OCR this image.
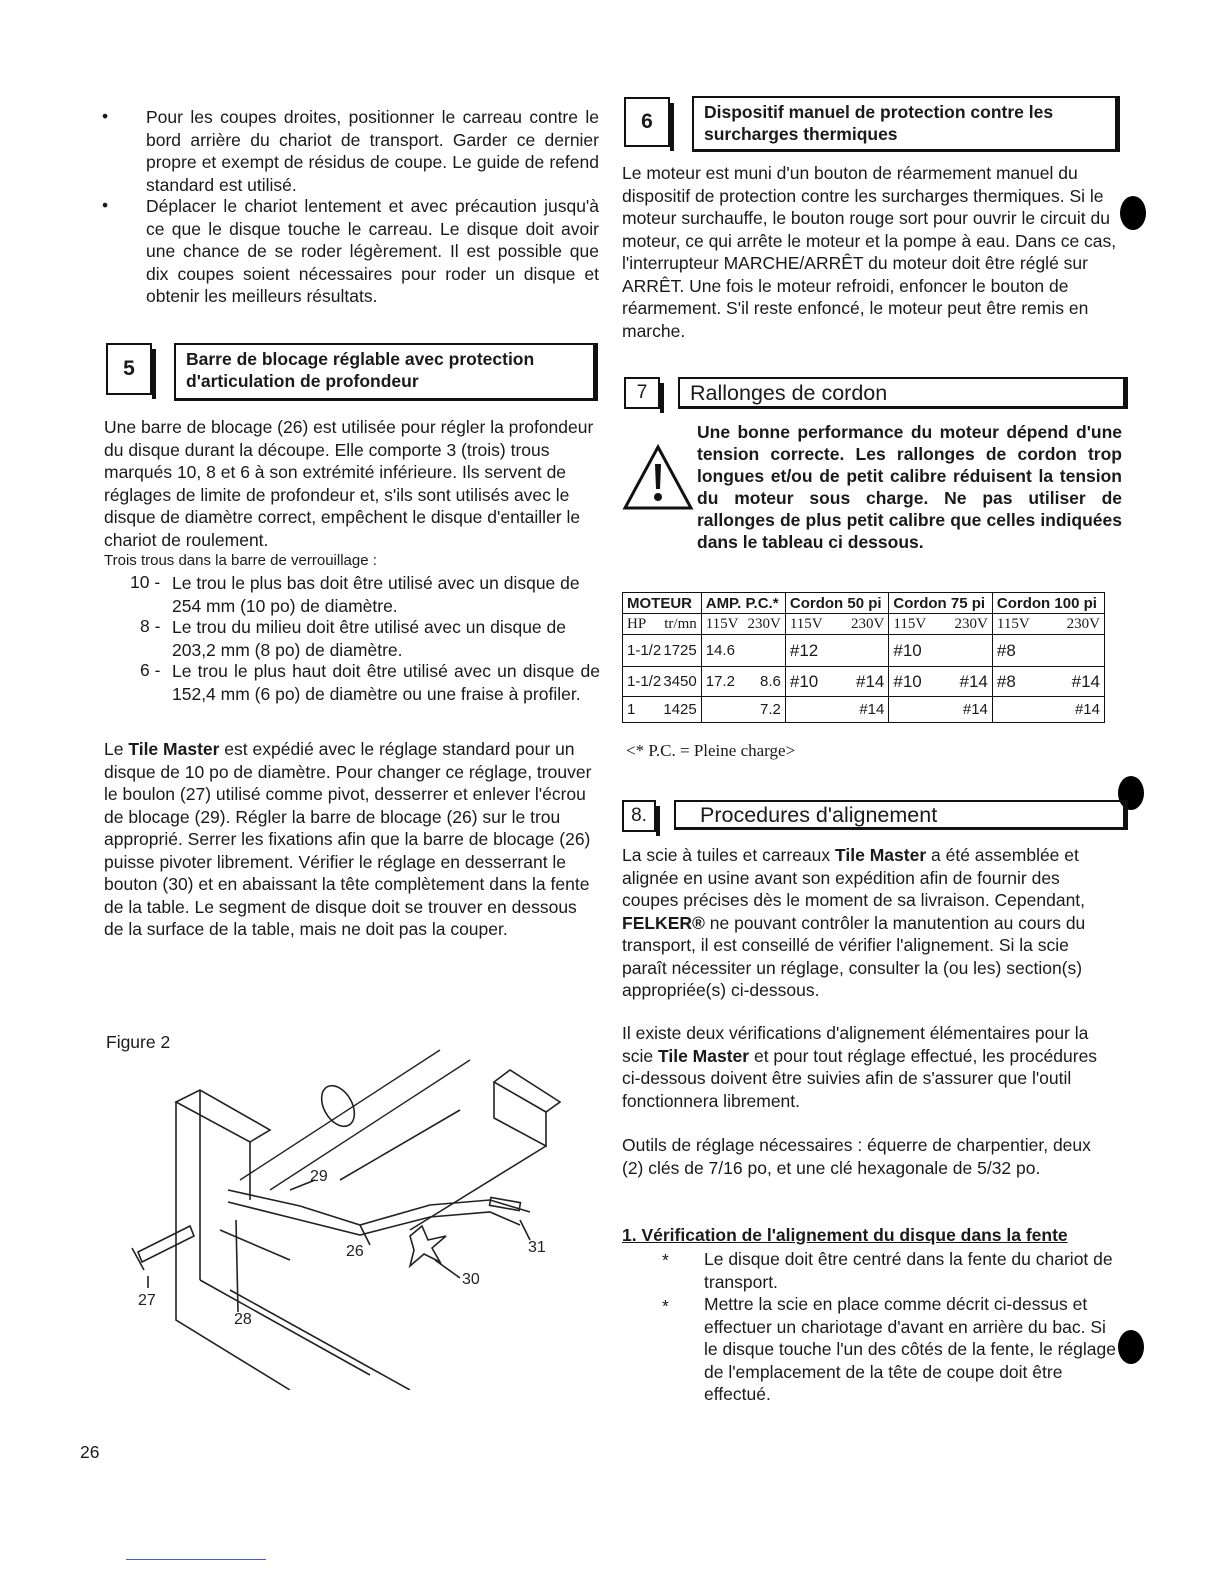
• Pour les coupes droites, positionner le carreau contre le bord arrière du chariot de transport. Garder ce dernier propre et exempt de résidus de coupe. Le guide de refend standard est utilisé.

• Déplacer le chariot lentement et avec précaution jusqu'à ce que le disque touche le carreau. Le disque doit avoir une chance de se roder légèrement. Il est possible que dix coupes soient nécessaires pour roder un disque et obtenir les meilleurs résultats.

5	Barre de blocage réglable avec protection
d'articulation de profondeur

Une barre de blocage (26) est utilisée pour régler la profondeur du disque durant la découpe. Elle comporte 3 (trois) trous marqués 10, 8 et 6 à son extrémité inférieure. Ils servent de réglages de limite de profondeur et, s'ils sont utilisés avec le disque de diamètre correct, empêchent le disque d'entailler le chariot de roulement.

Trois trous dans la barre de verrouillage :

10 - Le trou le plus bas doit être utilisé avec un disque de 254 mm (10 po) de diamètre.

8 - Le trou du milieu doit être utilisé avec un disque de 203,2 mm (8 po) de diamètre.

6 - Le trou le plus haut doit être utilisé avec un disque de 152,4 mm (6 po) de diamètre ou une fraise à profiler.

Le Tile Master est expédié avec le réglage standard pour un disque de 10 po de diamètre. Pour changer ce réglage, trouver le boulon (27) utilisé comme pivot, desserrer et enlever l'écrou de blocage (29). Régler la barre de blocage (26) sur le trou approprié. Serrer les fixations afin que la barre de blocage (26) puisse pivoter librement. Vérifier le réglage en desserrant le bouton (30) et en abaissant la tête complètement dans la fente de la table. Le segment de disque doit se trouver en dessous de la surface de la table, mais ne doit pas la couper.

Figure 2
29
26	31
30
27
28
26
6	Dispositif manuel de protection contre les
surcharges thermiques

Le moteur est muni d'un bouton de réarmement manuel du dispositif de protection contre les surcharges thermiques. Si le moteur surchauffe, le bouton rouge sort pour ouvrir le circuit du moteur, ce qui arrête le moteur et la pompe à eau. Dans ce cas, l'interrupteur MARCHE/ARRÊT du moteur doit être réglé sur ARRÊT. Une fois le moteur refroidi, enfoncer le bouton de réarmement. S'il reste enfoncé, le moteur peut être remis en marche.

7	Rallonges de cordon

Une bonne performance du moteur dépend d'une tension correcte. Les rallonges de cordon trop longues et/ou de petit calibre réduisent la tension du moteur sous charge. Ne pas utiliser de rallonges de plus petit calibre que celles indiquées dans le tableau ci dessous.

MOTEUR	AMP. P.C.*	Cordon 50 pi	Cordon 75 pi	Cordon 100 pi

HP tr/mn	115V 230V	115V 230V	115V 230V	115V 230V

1-1/2 1725	14.6	#12	#10	#8

1-1/2 3450	17.2 8.6	#10 #14	#10 #14	#8 #14

1 1425	7.2	#14	#14	#14
<* P.C. = Pleine charge>
8.	Procedures d'alignement

La scie à tuiles et carreaux Tile Master a été assemblée et alignée en usine avant son expédition afin de fournir des coupes précises dès le moment de sa livraison. Cependant, FELKER® ne pouvant contrôler la manutention au cours du transport, il est conseillé de vérifier l'alignement. Si la scie paraît nécessiter un réglage, consulter la (ou les) section(s) appropriée(s) ci-dessous.

Il existe deux vérifications d'alignement élémentaires pour la scie Tile Master et pour tout réglage effectué, les procédures ci-dessous doivent être suivies afin de s'assurer que l'outil fonctionnera librement.

Outils de réglage nécessaires : équerre de charpentier, deux (2) clés de 7/16 po, et une clé hexagonale de 5/32 po.

1. Vérification de l'alignement du disque dans la fente
* Le disque doit être centré dans la fente du chariot de transport.

* Mettre la scie en place comme décrit ci-dessus et effectuer un chariotage d'avant en arrière du bac. Si le disque touche l'un des côtés de la fente, le réglage de l'emplacement de la tête de coupe doit être effectué.
